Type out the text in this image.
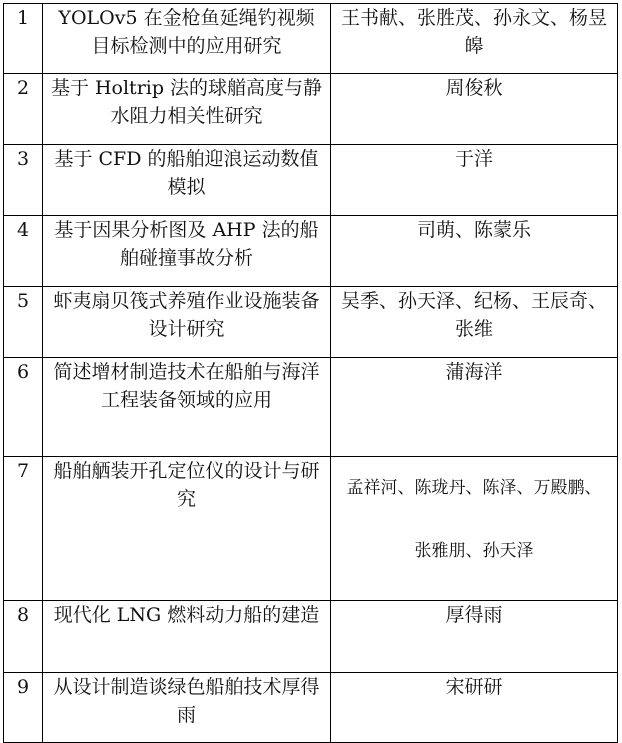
1	YOLOv5 在金枪鱼延绳钓视频目标检测中的应用研究	王书献、张胜茂、孙永文、杨昱皞

2	基于 Holtrip 法的球艏高度与静水阻力相关性研究	周俊秋

3	基于 CFD 的船舶迎浪运动数值模拟	于洋

4	基于因果分析图及 AHP 法的船舶碰撞事故分析	司萌、陈蒙乐

5	虾夷扇贝筏式养殖作业设施装备设计研究	吴季、孙天泽、纪杨、王辰奇、张维

6	简述增材制造技术在船舶与海洋工程装备领域的应用	蒲海洋

7	船舶舾装开孔定位仪的设计与研究	孟祥河、陈珑丹、陈泽、万殿鹏、
张雅朋、孙天泽

8	现代化 LNG 燃料动力船的建造	厚得雨

9	从设计制造谈绿色船舶技术厚得雨	宋研研
